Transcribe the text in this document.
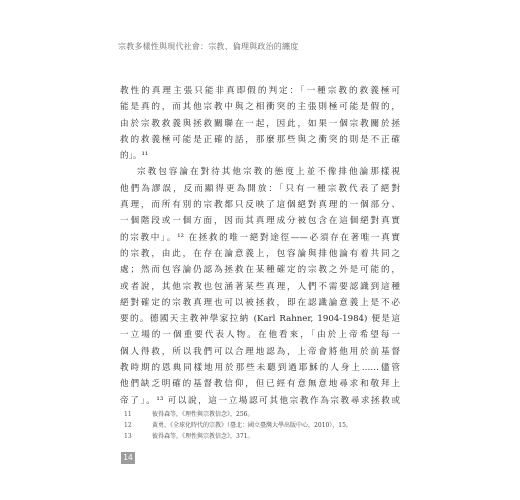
宗教多樣性與現代社會：宗教、倫理與政治的纏度
教性的真理主張只能非真即假的判定：「一種宗教的救義極可
能是真的，而其他宗教中與之相衝突的主張則極可能是假的，
由於宗教救義與拯救關聯在一起，因此，如果一個宗教關於拯
救的救義極可能是正確的話，那麼那些與之衝突的則是不正確
的」。¹¹
宗教包容論在對待其他宗教的態度上並不像排他論那樣視
他們為謬誤，反而顯得更為開放：「只有一種宗教代表了絕對
真理，而所有別的宗教都只反映了這個絕對真理的一個部分、
一個階段或一個方面，因而其真理成分被包含在這個絕對真實
的宗教中」。¹² 在拯救的唯一絕對途徑——必須存在著唯一真實
的宗教，由此，在存在論意義上，包容論與排他論有着共同之
處；然而包容論仍認為拯救在某種確定的宗教之外是可能的，
或者說，其他宗教也包涵著某些真理，人們不需要認識到這種
絕對確定的宗教真理也可以被拯救，即在認識論意義上是不必
要的。德國天主教神學家拉納 (Karl Rahner, 1904-1984) 便是這
一立場的一個重要代表人物。在他看來，「由於上帝希望每一
個人得救，所以我們可以合理地認為，上帝會將他用於前基督
教時期的恩典同樣地用於那些未聽到過耶穌的人身上……儘管
他們缺乏明確的基督教信仰，但已經有意無意地尋求和敬拜上
帝了」。¹³ 可以說，這一立場認可其他宗教作為宗教尋求拯救或
11	彼得森等，《理性與宗教信念》，256。
12	黃勇，《全球化時代的宗教》（臺北：國立臺灣大學出版中心，2010），15。
13	彼得森等，《理性與宗教信念》，371。
14
